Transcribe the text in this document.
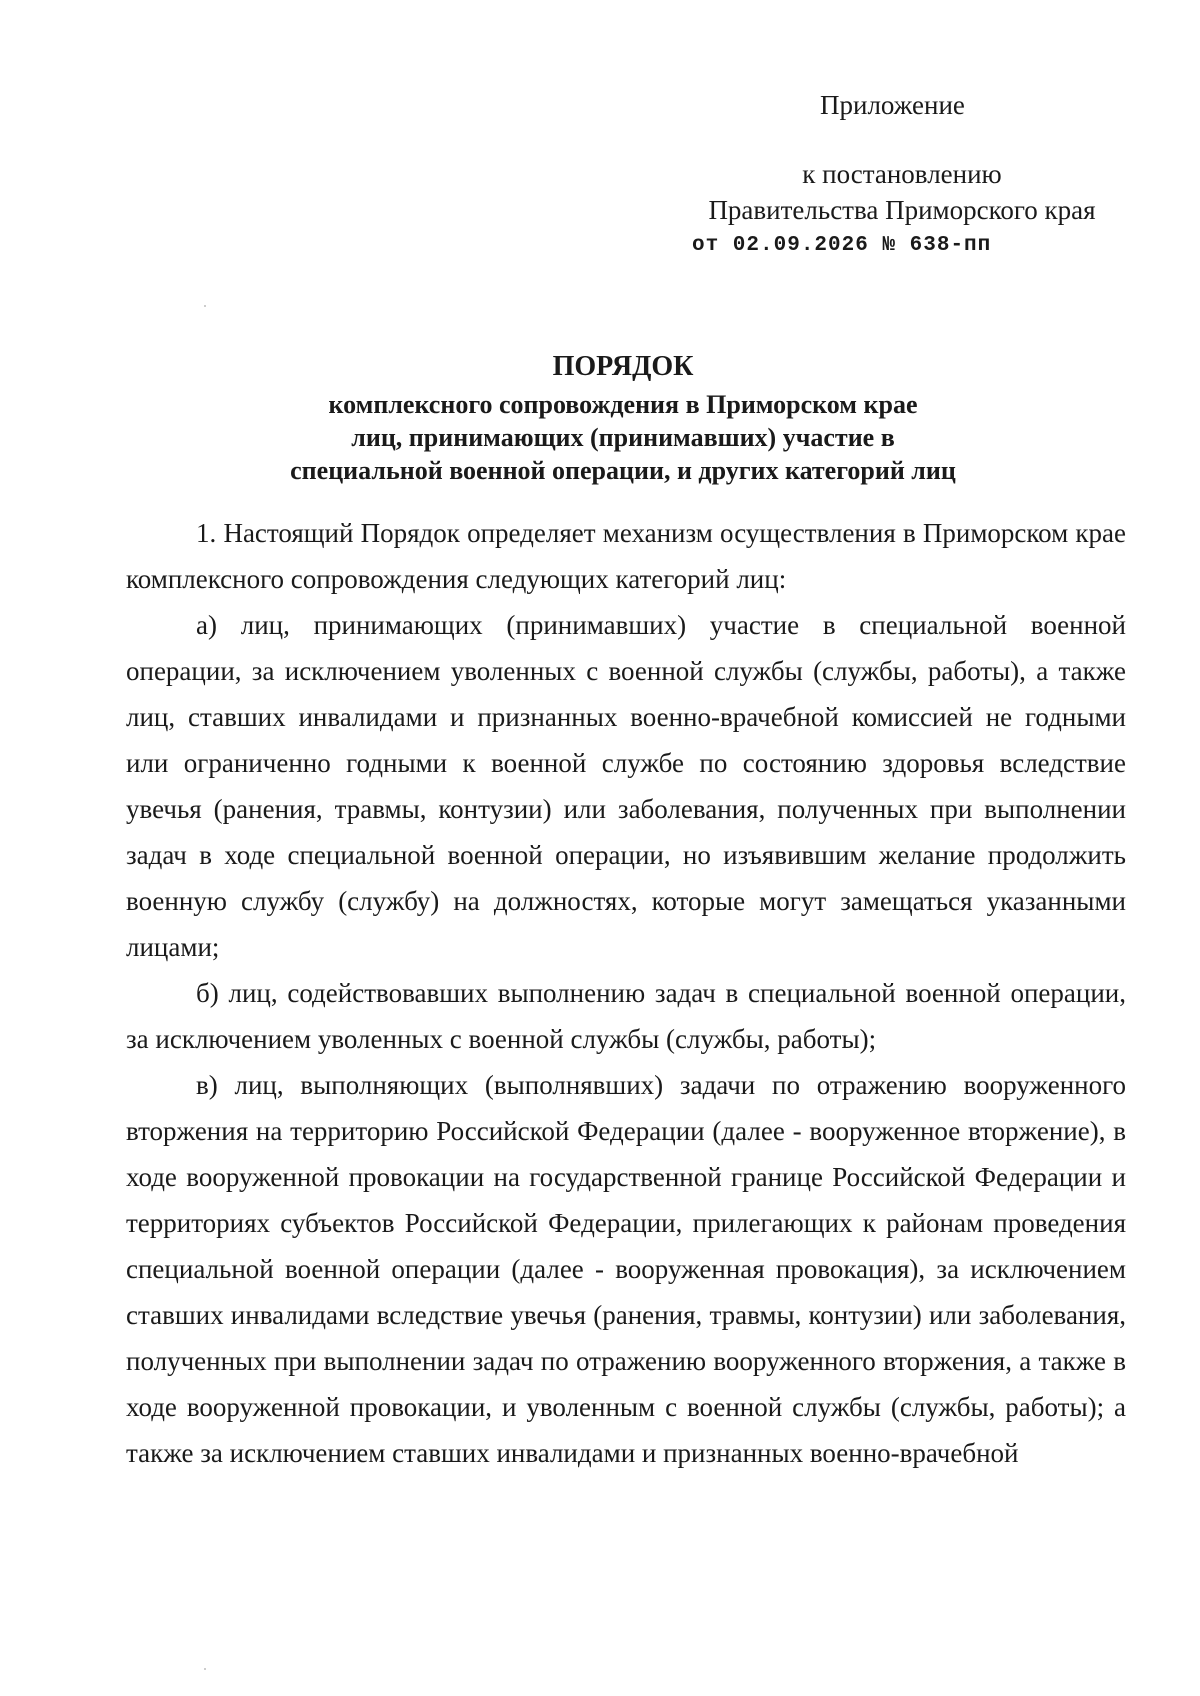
Приложение
к постановлению
Правительства Приморского края
от 02.09.2026 № 638-пп
ПОРЯДОК
комплексного сопровождения в Приморском крае
лиц, принимающих (принимавших) участие в
специальной военной операции, и других категорий лиц

1. Настоящий Порядок определяет механизм осуществления в Приморском крае комплексного сопровождения следующих категорий лиц:

а) лиц, принимающих (принимавших) участие в специальной военной операции, за исключением уволенных с военной службы (службы, работы), а также лиц, ставших инвалидами и признанных военно-врачебной комиссией не годными или ограниченно годными к военной службе по состоянию здоровья вследствие увечья (ранения, травмы, контузии) или заболевания, полученных при выполнении задач в ходе специальной военной операции, но изъявившим желание продолжить военную службу (службу) на должностях, которые могут замещаться указанными лицами;

б) лиц, содействовавших выполнению задач в специальной военной операции, за исключением уволенных с военной службы (службы, работы);

в) лиц, выполняющих (выполнявших) задачи по отражению вооруженного вторжения на территорию Российской Федерации (далее - вооруженное вторжение), в ходе вооруженной провокации на государственной границе Российской Федерации и территориях субъектов Российской Федерации, прилегающих к районам проведения специальной военной операции (далее - вооруженная провокация), за исключением ставших инвалидами вследствие увечья (ранения, травмы, контузии) или заболевания, полученных при выполнении задач по отражению вооруженного вторжения, а также в ходе вооруженной провокации, и уволенным с военной службы (службы, работы); а также за исключением ставших инвалидами и признанных военно-врачебной
